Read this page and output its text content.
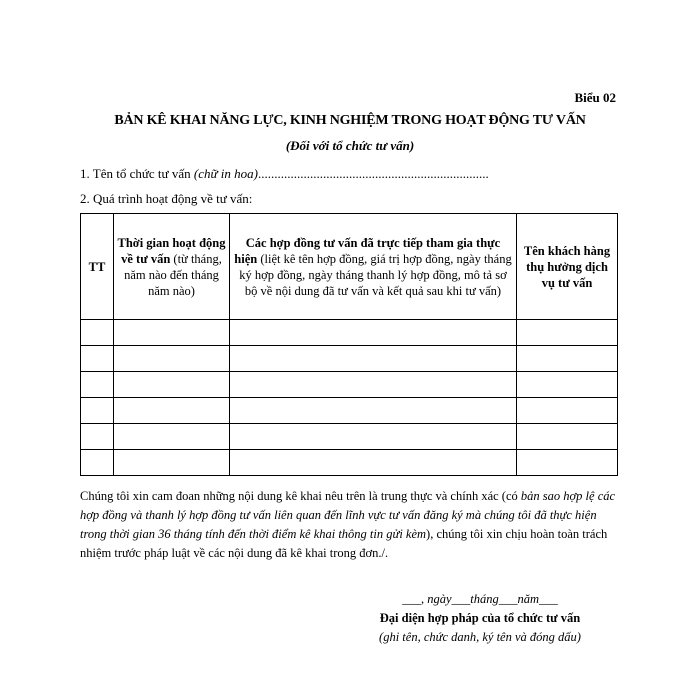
Biểu 02
BẢN KÊ KHAI NĂNG LỰC, KINH NGHIỆM TRONG HOẠT ĐỘNG TƯ VẤN
(Đối với tổ chức tư vấn)
1. Tên tổ chức tư vấn (chữ in hoa).......................................................................
2. Quá trình hoạt động về tư vấn:
TT	Thời gian hoạt động về tư vấn (từ tháng, năm nào đến tháng năm nào)	Các hợp đồng tư vấn đã trực tiếp tham gia thực hiện (liệt kê tên hợp đồng, giá trị hợp đồng, ngày tháng ký hợp đồng, ngày tháng thanh lý hợp đồng, mô tả sơ bộ về nội dung đã tư vấn và kết quả sau khi tư vấn)	Tên khách hàng thụ hưởng dịch vụ tư vấn

Chúng tôi xin cam đoan những nội dung kê khai nêu trên là trung thực và chính xác (có bản sao hợp lệ các hợp đồng và thanh lý hợp đồng tư vấn liên quan đến lĩnh vực tư vấn đăng ký mà chúng tôi đã thực hiện trong thời gian 36 tháng tính đến thời điểm kê khai thông tin gửi kèm), chúng tôi xin chịu hoàn toàn trách nhiệm trước pháp luật về các nội dung đã kê khai trong đơn./.
___, ngày___tháng___năm___
Đại diện hợp pháp của tổ chức tư vấn
(ghi tên, chức danh, ký tên và đóng dấu)
